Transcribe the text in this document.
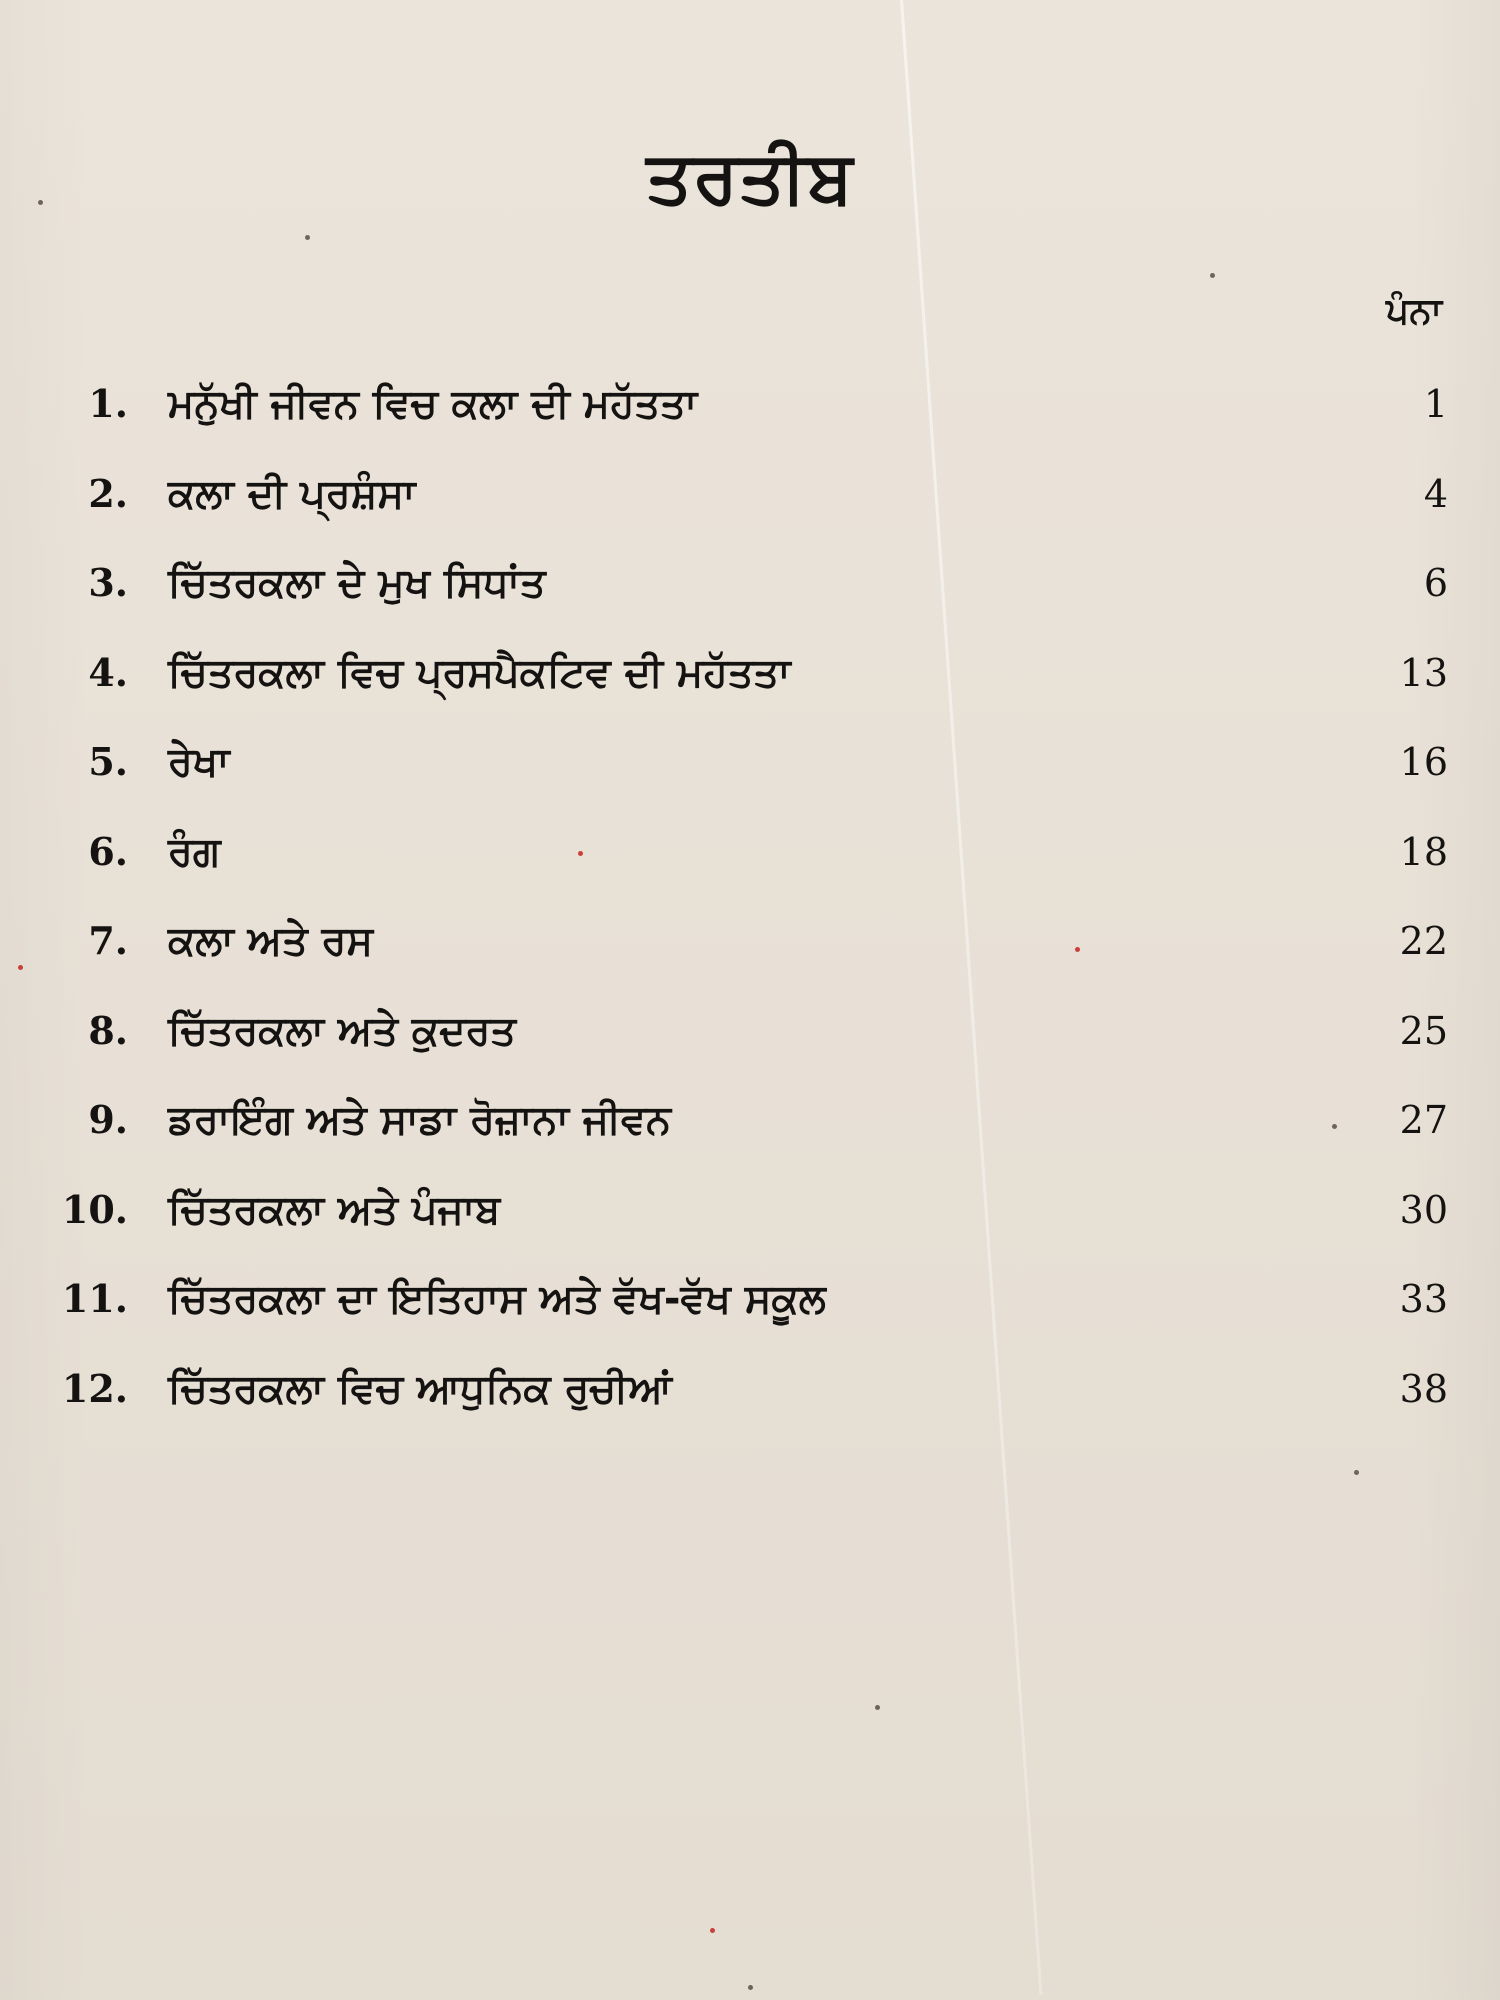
ਤਰਤੀਬ
ਪੰਨਾ
1. ਮਨੁੱਖੀ ਜੀਵਨ ਵਿਚ ਕਲਾ ਦੀ ਮਹੱਤਤਾ	1
2. ਕਲਾ ਦੀ ਪ੍ਰਸ਼ੰਸਾ	4
3. ਚਿੱਤਰਕਲਾ ਦੇ ਮੁਖ ਸਿਧਾਂਤ	6
4. ਚਿੱਤਰਕਲਾ ਵਿਚ ਪ੍ਰਸਪੈਕਟਿਵ ਦੀ ਮਹੱਤਤਾ	13
5. ਰੇਖਾ	16
6. ਰੰਗ	18
7. ਕਲਾ ਅਤੇ ਰਸ	22
8. ਚਿੱਤਰਕਲਾ ਅਤੇ ਕੁਦਰਤ	25
9. ਡਰਾਇੰਗ ਅਤੇ ਸਾਡਾ ਰੋਜ਼ਾਨਾ ਜੀਵਨ	27
10. ਚਿੱਤਰਕਲਾ ਅਤੇ ਪੰਜਾਬ	30
11. ਚਿੱਤਰਕਲਾ ਦਾ ਇਤਿਹਾਸ ਅਤੇ ਵੱਖ-ਵੱਖ ਸਕੂਲ	33
12. ਚਿੱਤਰਕਲਾ ਵਿਚ ਆਧੁਨਿਕ ਰੁਚੀਆਂ	38
